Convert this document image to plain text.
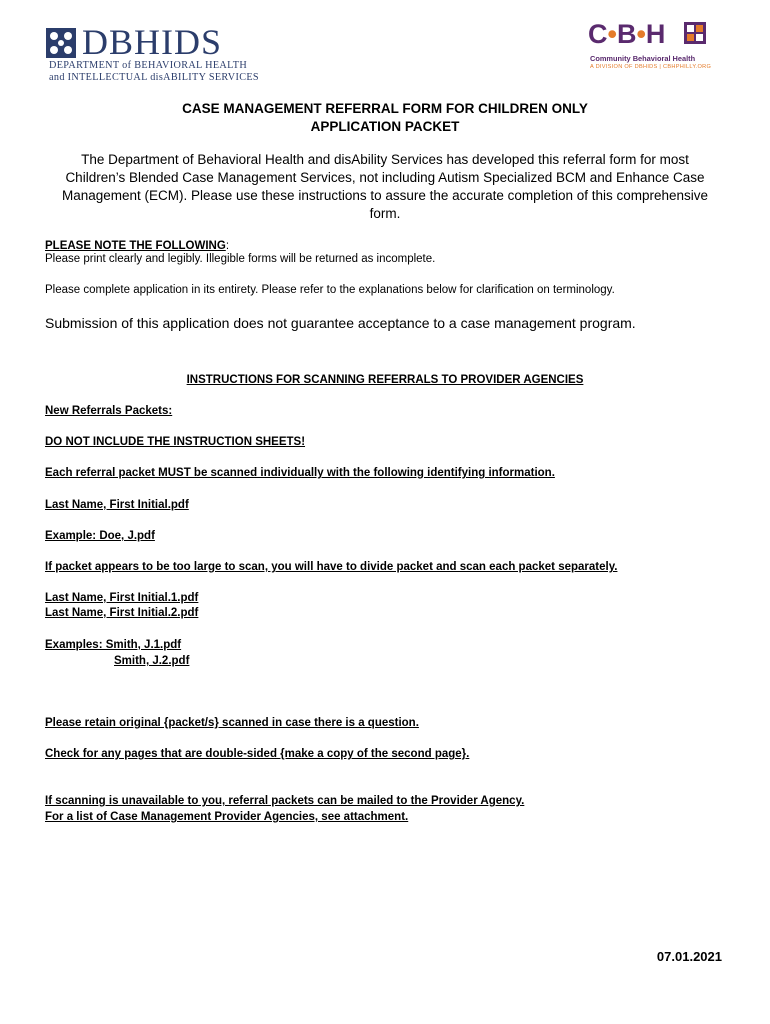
DBHIDS
DEPARTMENT of BEHAVIORAL HEALTH
and INTELLECTUAL disABILITY SERVICES
C•B•H
Community Behavioral Health
A DIVISION OF DBHIDS | CBHPHILLY.ORG
CASE MANAGEMENT REFERRAL FORM FOR CHILDREN ONLY
APPLICATION PACKET
The Department of Behavioral Health and disAbility Services has developed this referral form for most Children’s Blended Case Management Services, not including Autism Specialized BCM and Enhance Case Management (ECM). Please use these instructions to assure the accurate completion of this comprehensive form.
PLEASE NOTE THE FOLLOWING:
Please print clearly and legibly. Illegible forms will be returned as incomplete.
Please complete application in its entirety. Please refer to the explanations below for clarification on terminology.
Submission of this application does not guarantee acceptance to a case management program.
INSTRUCTIONS FOR SCANNING REFERRALS TO PROVIDER AGENCIES
New Referrals Packets:
DO NOT INCLUDE THE INSTRUCTION SHEETS!
Each referral packet MUST be scanned individually with the following identifying information.
Last Name, First Initial.pdf
Example: Doe, J.pdf
If packet appears to be too large to scan, you will have to divide packet and scan each packet separately.
Last Name, First Initial.1.pdf
Last Name, First Initial.2.pdf
Examples: Smith, J.1.pdf
Smith, J.2.pdf
Please retain original {packet/s} scanned in case there is a question.
Check for any pages that are double-sided {make a copy of the second page}.
If scanning is unavailable to you, referral packets can be mailed to the Provider Agency.
For a list of Case Management Provider Agencies, see attachment.
07.01.2021
